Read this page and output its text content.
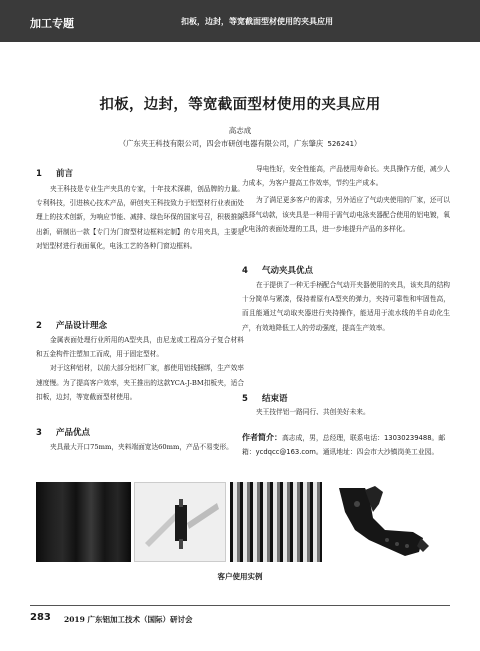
加工专题	扣板，边封，等宽截面型材使用的夹具应用
扣板，边封，等宽截面型材使用的夹具应用
高志成
（广东夹王科技有限公司，四会市研创电器有限公司，广东肇庆 526241）

1 前言

夹王科技是专业生产夹具的专家，十年技术深耕，创品牌的力量。专利科技，引进核心技术产品，研创夹王科技致力于铝型材行业表面处理上的技术创新，为响应节能、减排、绿色环保的国家号召，积极推陈出新，研制出一款【专门为门窗型材边框料定制】的专用夹具，主要是对铝型材进行表面氧化，电泳工艺的各种门窗边框料。

2 产品设计理念

金属表面处理行业所用的A型夹具，由尼龙或工程高分子复合材料和五金构件注塑加工而成，用于固定型材。

对于这种铝材，以前大部分铝材厂家，都使用铝线捆绑，生产效率速度慢。为了提高客户效率，夹王推出的这款YCA-J-BM扣板夹，适合扣板，边封，等宽截面型材使用。

3 产品优点

夹具最大开口75mm，夹料端面宽达60mm，产品不易变形。

导电性好，安全性能高，产品使用寿命长。夹具操作方便，减少人力成本，为客户提高工作效率，节约生产成本。

为了满足更多客户的需求，另外适应了气动夹使用的厂家，还可以选择气动款，该夹具是一种用于需气动电泳夹器配合使用的铝电镀，氧化电泳的表面处理的工具，进一步地提升产品的多样化。

4 气动夹具优点

在于提供了一种无手柄配合气动开夹器使用的夹具，该夹具的结构十分简单与紧凑，保持着原有A型夹的弹力，夹持可靠性和牢固性高，而且能通过气动取夹器进行夹持操作，能适用于流水线的半自动化生产，有效地降低工人的劳动强度，提高生产效率。

5 结束语

夹王技伴铝一路同行、共创美好未来。

作者简介：高志成，男，总经理，联系电话：13030239488。邮箱：ycdqcc@163.com。通讯地址：四会市大沙镇岗美工业园。

客户使用实例
283 2019 广东铝加工技术（国际）研讨会
